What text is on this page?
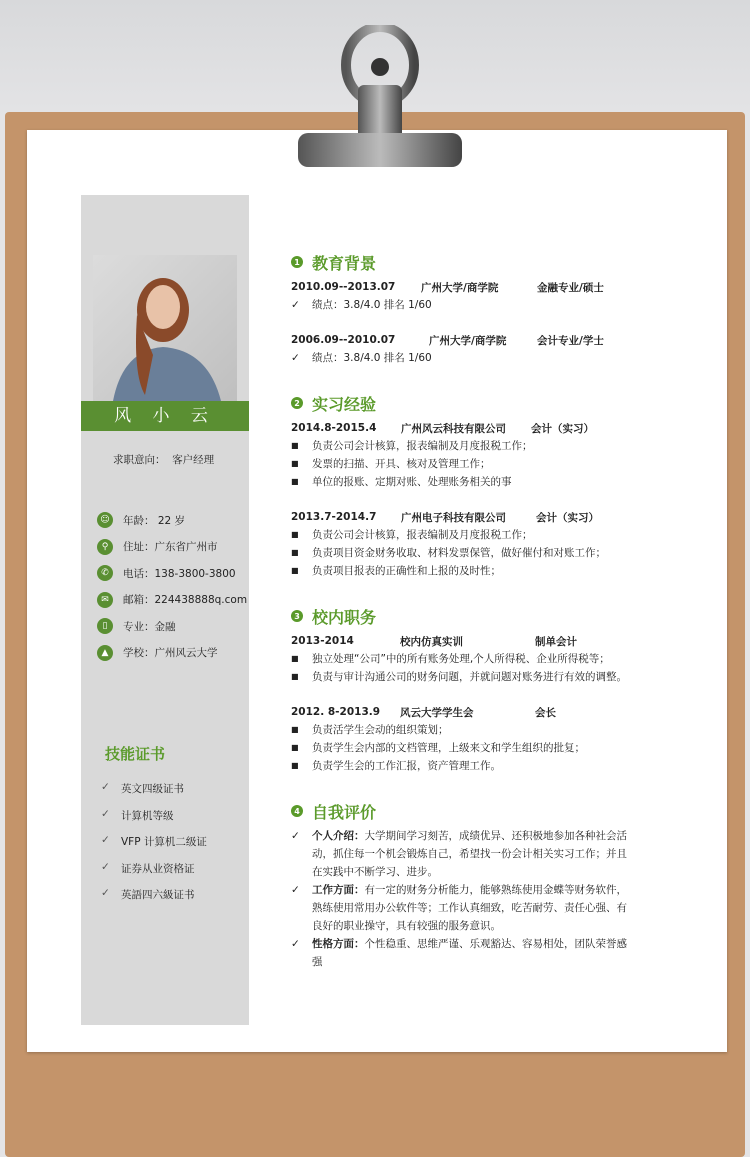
风 小 云
求职意向： 客户经理
☺	年龄： 22 岁
⚲	住址：广东省广州市
✆	电话：138-3800-3800
✉	邮箱：224438888q.com
▯	专业：金融
▲	学校：广州风云大学
技能证书
✓	英文四级证书
✓	计算机等级
✓	VFP 计算机二级证
✓	证券从业资格证
✓	英語四六級证书
1 教育背景
2010.09--2013.07	广州大学/商学院	金融专业/硕士
✓	绩点：3.8/4.0 排名 1/60
2006.09--2010.07	广州大学/商学院	会计专业/学士
✓	绩点：3.8/4.0 排名 1/60
2 实习经验
2014.8-2015.4	广州风云科技有限公司	会计（实习）
■	负责公司会计核算，报表编制及月度报税工作；
■	发票的扫描、开具、核对及管理工作；
■	单位的报账、定期对账、处理账务相关的事
2013.7-2014.7	广州电子科技有限公司	会计（实习）
■	负责公司会计核算，报表编制及月度报税工作；
■	负责项目资金财务收取、材料发票保管，做好催付和对账工作；
■	负责项目报表的正确性和上报的及时性；
3 校内职务
2013-2014	校内仿真实训	制单会计
■	独立处理“公司”中的所有账务处理,个人所得税、企业所得税等；
■	负责与审计沟通公司的财务问题，并就问题对账务进行有效的调整。
2012. 8-2013.9	风云大学学生会	会长
■	负责活学生会动的组织策划；
■	负责学生会内部的文档管理，上级来文和学生组织的批复；
■	负责学生会的工作汇报，资产管理工作。
4 自我评价
✓	个人介绍：大学期间学习刻苦，成绩优异、还积极地参加各种社会活动，抓住每一个机会锻炼自己，希望找一份会计相关实习工作；并且在实践中不断学习、进步。
✓	工作方面：有一定的财务分析能力，能够熟练使用金蝶等财务软件，熟练使用常用办公软件等；工作认真细致，吃苦耐劳、责任心强、有良好的职业操守，具有较强的服务意识。
✓	性格方面：个性稳重、思维严谨、乐观豁达、容易相处，团队荣誉感强
